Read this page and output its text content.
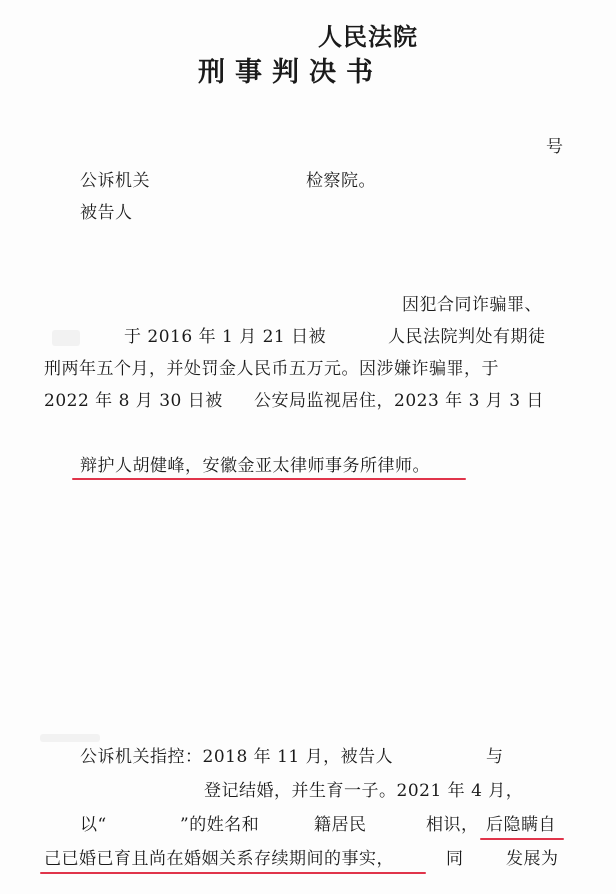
人民法院
刑事判决书
号
公诉机关	检察院。
被告人
因犯合同诈骗罪、
于 2016 年 1 月 21 日被	人民法院判处有期徒
刑两年五个月，并处罚金人民币五万元。因涉嫌诈骗罪，于
2022 年 8 月 30 日被 公安局监视居住，2023 年 3 月 3 日
辩护人胡健峰，安徽金亚太律师事务所律师。
公诉机关指控：2018 年 11 月，被告人	与
登记结婚，并生育一子。2021 年 4 月，
以“	”的姓名和	籍居民	相识， 后隐瞒自
己已婚已育且尚在婚姻关系存续期间的事实，	同	发展为
